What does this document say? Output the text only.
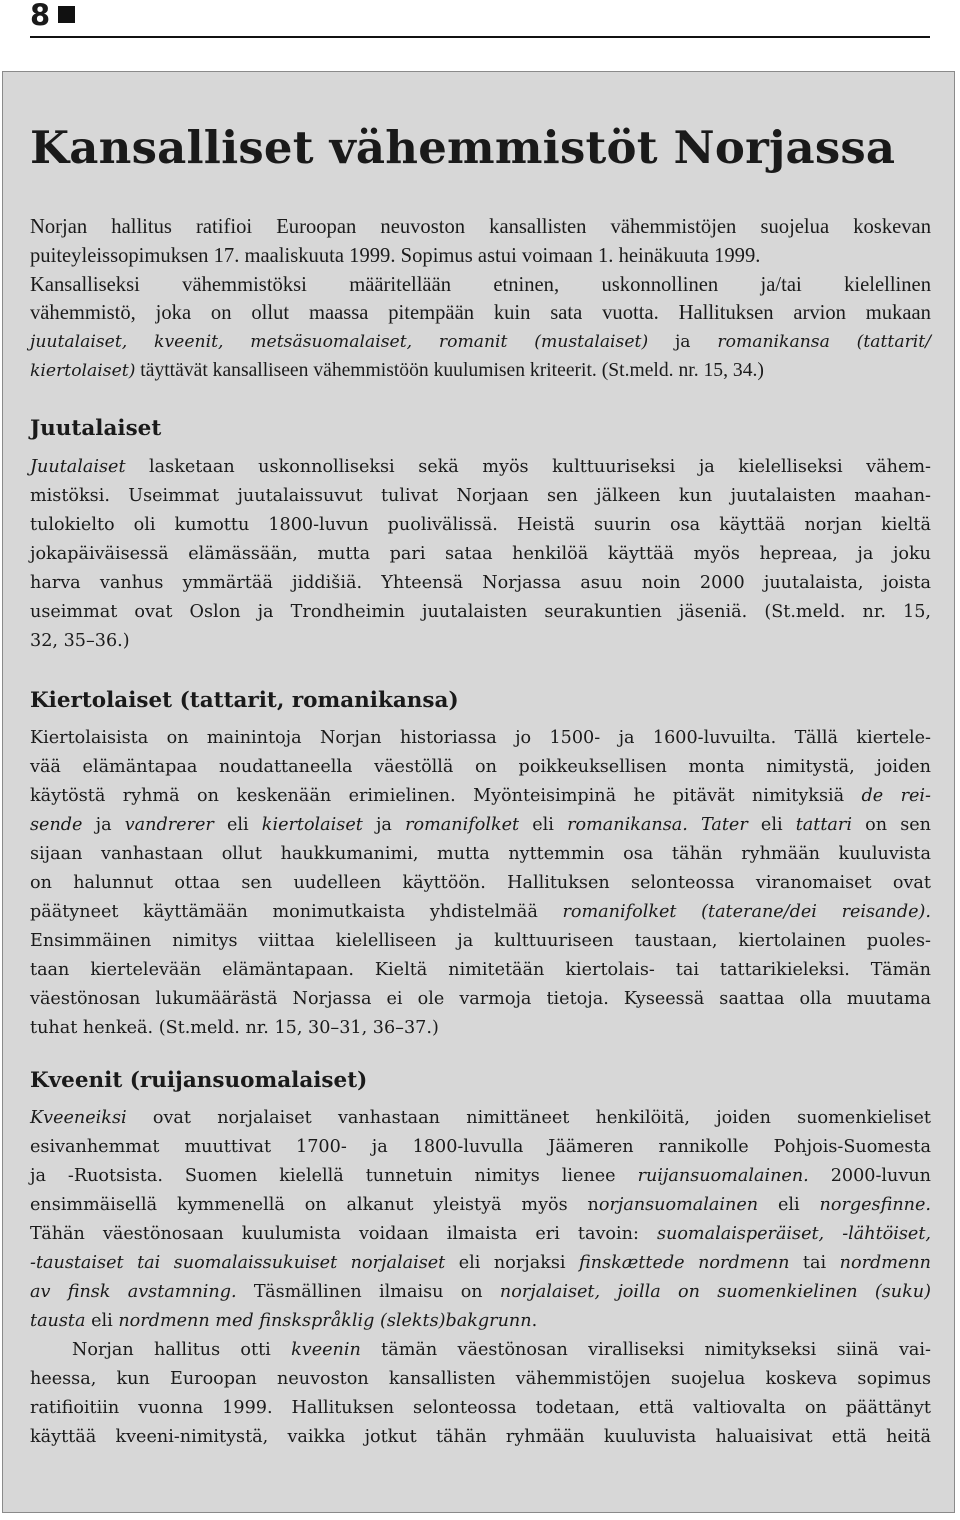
8
Kansalliset vähemmistöt Norjassa
Norjan hallitus ratifioi Euroopan neuvoston kansallisten vähemmistöjen suojelua koskevan
puiteyleissopimuksen 17. maaliskuuta 1999. Sopimus astui voimaan 1. heinäkuuta 1999.
Kansalliseksi vähemmistöksi määritellään etninen, uskonnollinen ja/tai kielellinen
vähemmistö, joka on ollut maassa pitempään kuin sata vuotta. Hallituksen arvion mukaan
juutalaiset, kveenit, metsäsuomalaiset, romanit (mustalaiset) ja romanikansa (tattarit/
kiertolaiset) täyttävät kansalliseen vähemmistöön kuulumisen kriteerit. (St.meld. nr. 15, 34.)
Juutalaiset
Juutalaiset lasketaan uskonnolliseksi sekä myös kulttuuriseksi ja kielelliseksi vähem-
mistöksi. Useimmat juutalaissuvut tulivat Norjaan sen jälkeen kun juutalaisten maahan-
tulokielto oli kumottu 1800-luvun puolivälissä. Heistä suurin osa käyttää norjan kieltä
jokapäiväisessä elämässään, mutta pari sataa henkilöä käyttää myös hepreaa, ja joku
harva vanhus ymmärtää jiddišiä. Yhteensä Norjassa asuu noin 2000 juutalaista, joista
useimmat ovat Oslon ja Trondheimin juutalaisten seurakuntien jäseniä. (St.meld. nr. 15,
32, 35–36.)
Kiertolaiset (tattarit, romanikansa)
Kiertolaisista on mainintoja Norjan historiassa jo 1500- ja 1600-luvuilta. Tällä kiertele-
vää elämäntapaa noudattaneella väestöllä on poikkeuksellisen monta nimitystä, joiden
käytöstä ryhmä on keskenään erimielinen. Myönteisimpinä he pitävät nimityksiä de rei-
sende ja vandrerer eli kiertolaiset ja romanifolket eli romanikansa. Tater eli tattari on sen
sijaan vanhastaan ollut haukkumanimi, mutta nyttemmin osa tähän ryhmään kuuluvista
on halunnut ottaa sen uudelleen käyttöön. Hallituksen selonteossa viranomaiset ovat
päätyneet käyttämään monimutkaista yhdistelmää romanifolket (taterane/dei reisande).
Ensimmäinen nimitys viittaa kielelliseen ja kulttuuriseen taustaan, kiertolainen puoles-
taan kiertelevään elämäntapaan. Kieltä nimitetään kiertolais- tai tattarikieleksi. Tämän
väestönosan lukumäärästä Norjassa ei ole varmoja tietoja. Kyseessä saattaa olla muutama
tuhat henkeä. (St.meld. nr. 15, 30–31, 36–37.)
Kveenit (ruijansuomalaiset)
Kveeneiksi ovat norjalaiset vanhastaan nimittäneet henkilöitä, joiden suomenkieliset
esivanhemmat muuttivat 1700- ja 1800-luvulla Jäämeren rannikolle Pohjois-Suomesta
ja -Ruotsista. Suomen kielellä tunnetuin nimitys lienee ruijansuomalainen. 2000-luvun
ensimmäisellä kymmenellä on alkanut yleistyä myös norjansuomalainen eli norgesfinne.
Tähän väestönosaan kuulumista voidaan ilmaista eri tavoin: suomalaisperäiset, -lähtöiset,
-taustaiset tai suomalaissukuiset norjalaiset eli norjaksi finskættede nordmenn tai nordmenn
av finsk avstamning. Täsmällinen ilmaisu on norjalaiset, joilla on suomenkielinen (suku)
tausta eli nordmenn med finskspråklig (slekts)bakgrunn.
Norjan hallitus otti kveenin tämän väestönosan viralliseksi nimitykseksi siinä vai-
heessa, kun Euroopan neuvoston kansallisten vähemmistöjen suojelua koskeva sopimus
ratifioitiin vuonna 1999. Hallituksen selonteossa todetaan, että valtiovalta on päättänyt
käyttää kveeni-nimitystä, vaikka jotkut tähän ryhmään kuuluvista haluaisivat että heitä
